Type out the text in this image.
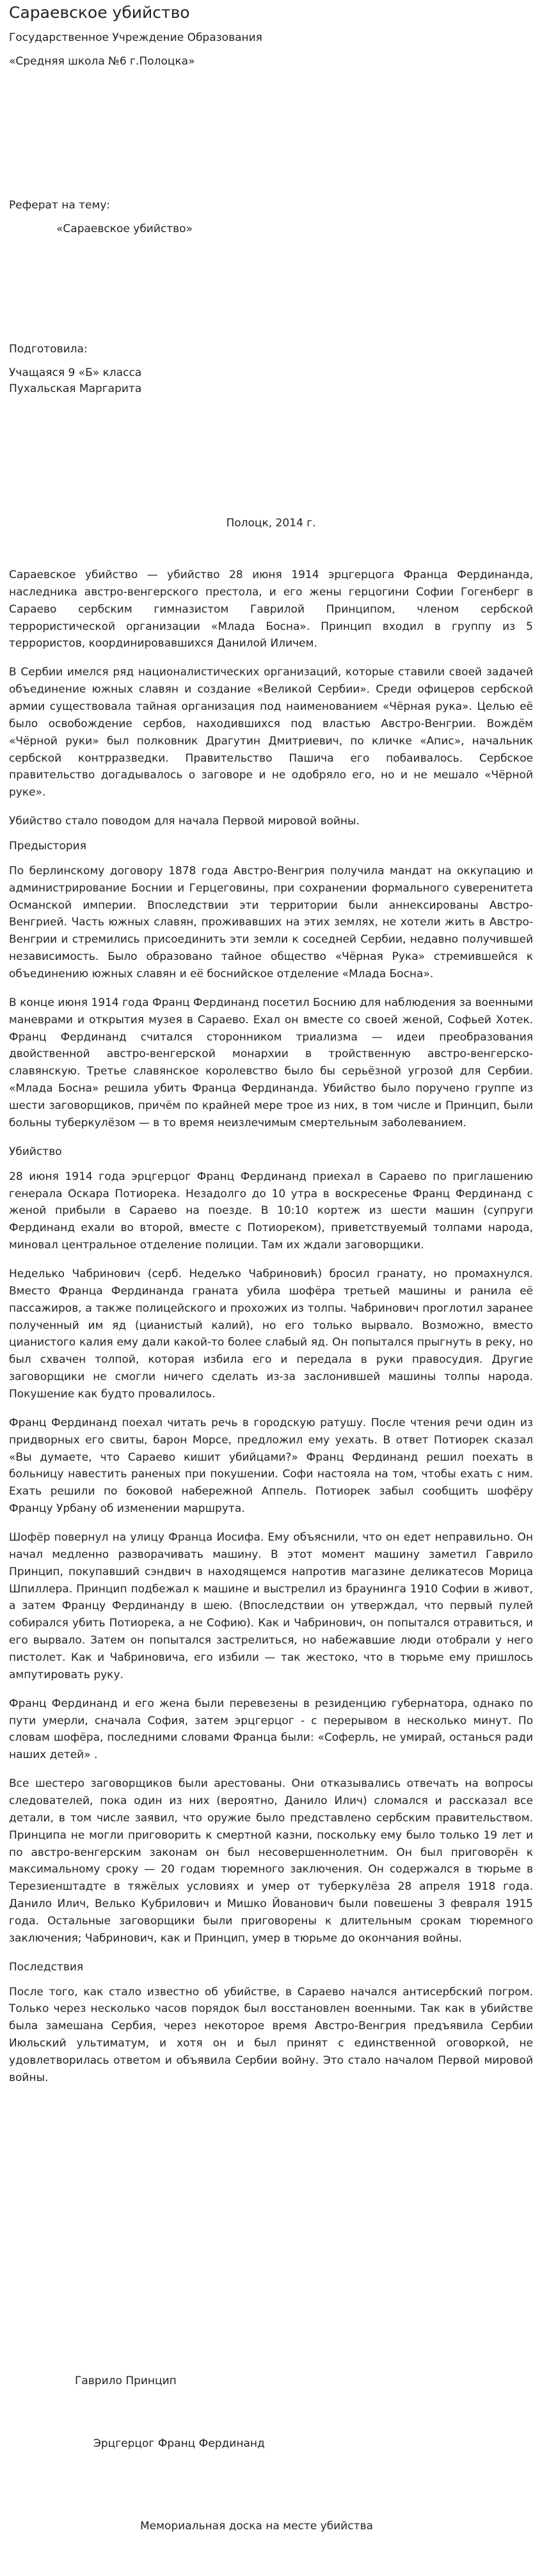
Сараевское убийство

Государственное Учреждение Образования

«Средняя школа №6 г.Полоцка»

Реферат на тему:

«Сараевское убийство»

Подготовила:

Учащаяся 9 «Б» класса

Пухальская Маргарита

Полоцк, 2014 г.

Сараевское убийство — убийство 28 июня 1914 эрцгерцога Франца Фердинанда, наследника австро-венгерского престола, и его жены герцогини Софии Гогенберг в Сараево сербским гимназистом Гаврилой Принципом, членом сербской террористической организации «Млада Босна». Принцип входил в группу из 5 террористов, координировавшихся Данилой Иличем.

В Сербии имелся ряд националистических организаций, которые ставили своей задачей объединение южных славян и создание «Великой Сербии». Среди офицеров сербской армии существовала тайная организация под наименованием «Чёрная рука». Целью её было освобождение сербов, находившихся под властью Австро-Венгрии. Вождём «Чёрной руки» был полковник Драгутин Дмитриевич, по кличке «Апис», начальник сербской контрразведки. Правительство Пашича его побаивалось. Сербское правительство догадывалось о заговоре и не одобряло его, но и не мешало «Чёрной руке».

Убийство стало поводом для начала Первой мировой войны.

Предыстория

По берлинскому договору 1878 года Австро-Венгрия получила мандат на оккупацию и администрирование Боснии и Герцеговины, при сохранении формального суверенитета Османской империи. Впоследствии эти территории были аннексированы Австро-Венгрией. Часть южных славян, проживавших на этих землях, не хотели жить в Австро-Венгрии и стремились присоединить эти земли к соседней Сербии, недавно получившей независимость. Было образовано тайное общество «Чёрная Рука» стремившейся к объединению южных славян и её боснийское отделение «Млада Босна».

В конце июня 1914 года Франц Фердинанд посетил Боснию для наблюдения за военными маневрами и открытия музея в Сараево. Ехал он вместе со своей женой, Софьей Хотек. Франц Фердинанд считался сторонником триализма — идеи преобразования двойственной австро-венгерской монархии в тройственную австро-венгерско-славянскую. Третье славянское королевство было бы серьёзной угрозой для Сербии. «Млада Босна» решила убить Франца Фердинанда. Убийство было поручено группе из шести заговорщиков, причём по крайней мере трое из них, в том числе и Принцип, были больны туберкулёзом — в то время неизлечимым смертельным заболеванием.

Убийство

28 июня 1914 года эрцгерцог Франц Фердинанд приехал в Сараево по приглашению генерала Оскара Потиорека. Незадолго до 10 утра в воскресенье Франц Фердинанд с женой прибыли в Сараево на поезде. В 10:10 кортеж из шести машин (супруги Фердинанд ехали во второй, вместе с Потиореком), приветствуемый толпами народа, миновал центральное отделение полиции. Там их ждали заговорщики.

Неделько Чабринович (серб. Недељко Чабриновић) бросил гранату, но промахнулся. Вместо Франца Фердинанда граната убила шофёра третьей машины и ранила её пассажиров, а также полицейского и прохожих из толпы. Чабринович проглотил заранее полученный им яд (цианистый калий), но его только вырвало. Возможно, вместо цианистого калия ему дали какой-то более слабый яд. Он попытался прыгнуть в реку, но был схвачен толпой, которая избила его и передала в руки правосудия. Другие заговорщики не смогли ничего сделать из-за заслонившей машины толпы народа. Покушение как будто провалилось.

Франц Фердинанд поехал читать речь в городскую ратушу. После чтения речи один из придворных его свиты, барон Морсе, предложил ему уехать. В ответ Потиорек сказал «Вы думаете, что Сараево кишит убийцами?» Франц Фердинанд решил поехать в больницу навестить раненых при покушении. Софи настояла на том, чтобы ехать с ним. Ехать решили по боковой набережной Аппель. Потиорек забыл сообщить шофёру Францу Урбану об изменении маршрута.

Шофёр повернул на улицу Франца Иосифа. Ему объяснили, что он едет неправильно. Он начал медленно разворачивать машину. В этот момент машину заметил Гаврило Принцип, покупавший сэндвич в находящемся напротив магазине деликатесов Морица Шпиллера. Принцип подбежал к машине и выстрелил из браунинга 1910 Софии в живот, а затем Францу Фердинанду в шею. (Впоследствии он утверждал, что первый пулей собирался убить Потиорека, а не Софию). Как и Чабринович, он попытался отравиться, и его вырвало. Затем он попытался застрелиться, но набежавшие люди отобрали у него пистолет. Как и Чабриновича, его избили — так жестоко, что в тюрьме ему пришлось ампутировать руку.

Франц Фердинанд и его жена были перевезены в резиденцию губернатора, однако по пути умерли, сначала София, затем эрцгерцог - с перерывом в несколько минут. По словам шофёра, последними словами Франца были: «Соферль, не умирай, останься ради наших детей» .

Все шестеро заговорщиков были арестованы. Они отказывались отвечать на вопросы следователей, пока один из них (вероятно, Данило Илич) сломался и рассказал все детали, в том числе заявил, что оружие было представлено сербским правительством. Принципа не могли приговорить к смертной казни, поскольку ему было только 19 лет и по австро-венгерским законам он был несовершеннолетним. Он был приговорён к максимальному сроку — 20 годам тюремного заключения. Он содержался в тюрьме в Терезиенштадте в тяжёлых условиях и умер от туберкулёза 28 апреля 1918 года. Данило Илич, Велько Кубрилович и Мишко Йованович были повешены 3 февраля 1915 года. Остальные заговорщики были приговорены к длительным срокам тюремного заключения; Чабринович, как и Принцип, умер в тюрьме до окончания войны.

Последствия

После того, как стало известно об убийстве, в Сараево начался антисербский погром. Только через несколько часов порядок был восстановлен военными. Так как в убийстве была замешана Сербия, через некоторое время Австро-Венгрия предъявила Сербии Июльский ультиматум, и хотя он и был принят с единственной оговоркой, не удовлетворилась ответом и объявила Сербии войну. Это стало началом Первой мировой войны.

Гаврило Принцип

Эрцгерцог Франц Фердинанд

Мемориальная доска на месте убийства
